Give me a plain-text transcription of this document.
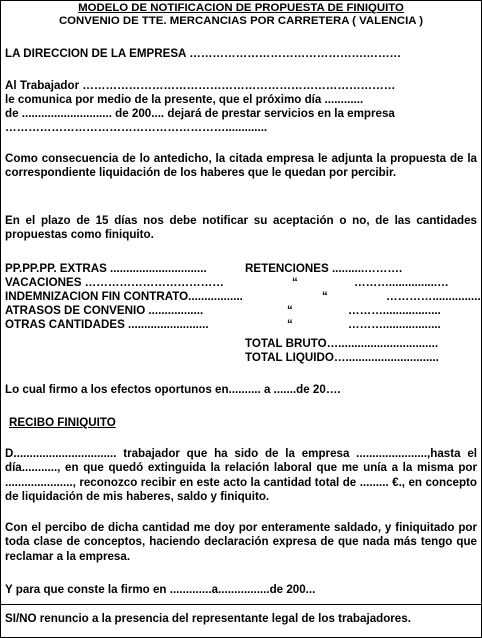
MODELO DE NOTIFICACION DE PROPUESTA DE FINIQUITO
CONVENIO DE TTE. MERCANCIAS POR CARRETERA ( VALENCIA )
LA DIRECCION DE LA EMPRESA ……………………………………….………
Al Trabajador ………………………………………………………………………
le comunica por medio de la presente, que el próximo día ............
de ............................ de 200.... dejará de prestar servicios en la empresa
………………………………………………….............
Como consecuencia de lo antedicho, la citada empresa le adjunta la propuesta de la correspondiente liquidación de los haberes que le quedan por percibir.
En el plazo de 15 días nos debe notificar su aceptación o no, de las cantidades propuestas como finiquito.
PP.PP.PP. EXTRAS ..............................	RETENCIONES ..........……….
VACACIONES ………………………………	“	………...............…
INDEMNIZACION FIN CONTRATO.................	“	…………...............
ATRASOS DE CONVENIO .................	“	………..................
OTRAS CANTIDADES .........................	“	………..................
TOTAL BRUTO…...............................
TOTAL LIQUIDO….............................
Lo cual firmo a los efectos oportunos en.......... a .......de 20….
RECIBO FINIQUITO
D................................ trabajador que ha sido de la empresa ......................,hasta el día..........., en que quedó extinguida la relación laboral que me unía a la misma por ....................., reconozco recibir en este acto la cantidad total de ......... €., en concepto de liquidación de mis haberes, saldo y finiquito.
Con el percibo de dicha cantidad me doy por enteramente saldado, y finiquitado por toda clase de conceptos, haciendo declaración expresa de que nada más tengo que reclamar a la empresa.
Y para que conste la firmo en .............a................de 200...
SI/NO renuncio a la presencia del representante legal de los trabajadores.
